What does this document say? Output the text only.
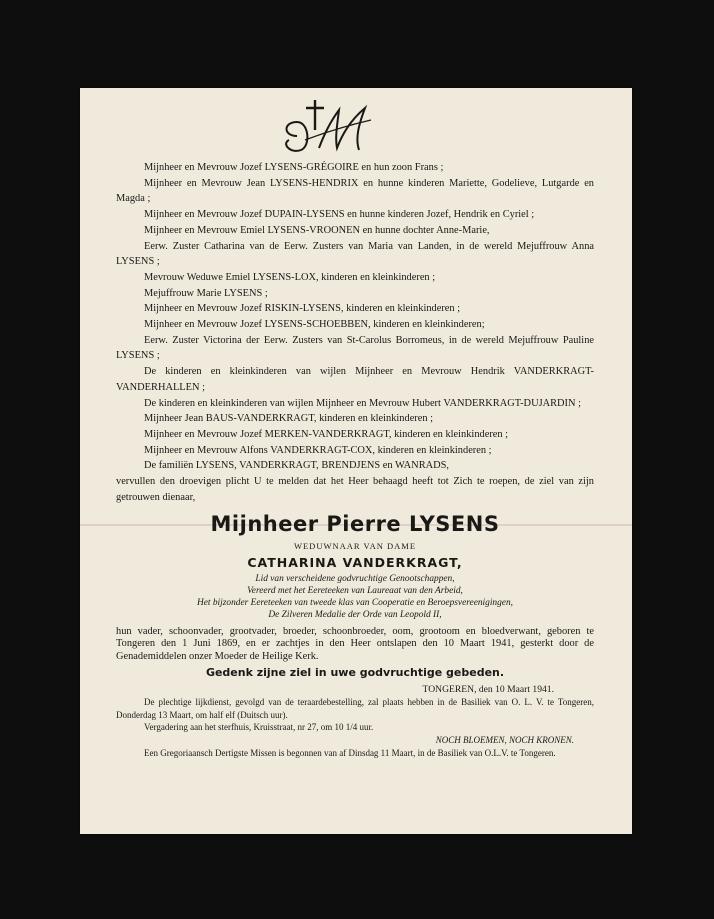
Mijnheer en Mevrouw Jozef LYSENS-GRÉGOIRE en hun zoon Frans ;

Mijnheer en Mevrouw Jean LYSENS-HENDRIX en hunne kinderen Mariette, Godelieve, Lutgarde en Magda ;

Mijnheer en Mevrouw Jozef DUPAIN-LYSENS en hunne kinderen Jozef, Hendrik en Cyriel ;

Mijnheer en Mevrouw Emiel LYSENS-VROONEN en hunne dochter Anne-Marie,

Eerw. Zuster Catharina van de Eerw. Zusters van Maria van Landen, in de wereld Mejuffrouw Anna LYSENS ;

Mevrouw Weduwe Emiel LYSENS-LOX, kinderen en kleinkinderen ;

Mejuffrouw Marie LYSENS ;

Mijnheer en Mevrouw Jozef RISKIN-LYSENS, kinderen en kleinkinderen ;

Mijnheer en Mevrouw Jozef LYSENS-SCHOEBBEN, kinderen en kleinkinderen;

Eerw. Zuster Victorina der Eerw. Zusters van St-Carolus Borromeus, in de wereld Mejuffrouw Pauline LYSENS ;

De kinderen en kleinkinderen van wijlen Mijnheer en Mevrouw Hendrik VANDERKRAGT-VANDERHALLEN ;

De kinderen en kleinkinderen van wijlen Mijnheer en Mevrouw Hubert VANDERKRAGT-DUJARDIN ;

Mijnheer Jean BAUS-VANDERKRAGT, kinderen en kleinkinderen ;

Mijnheer en Mevrouw Jozef MERKEN-VANDERKRAGT, kinderen en kleinkinderen ;

Mijnheer en Mevrouw Alfons VANDERKRAGT-COX, kinderen en kleinkinderen ;

De familiën LYSENS, VANDERKRAGT, BRENDJENS en WANRADS,

vervullen den droevigen plicht U te melden dat het Heer behaagd heeft tot Zich te roepen, de ziel van zijn getrouwen dienaar,

Mijnheer Pierre LYSENS

WEDUWNAAR VAN DAME

CATHARINA VANDERKRAGT,

Lid van verscheidene godvruchtige Genootschappen,

Vereerd met het Eereteeken van Laureaat van den Arbeid,

Het bijzonder Eereteeken van tweede klas van Cooperatie en Beroepsvereenigingen,

De Zilveren Medalie der Orde van Leopold II,

hun vader, schoonvader, grootvader, broeder, schoonbroeder, oom, grootoom en bloedverwant, geboren te Tongeren den 1 Juni 1869, en er zachtjes in den Heer ontslapen den 10 Maart 1941, gesterkt door de Genademiddelen onzer Moeder de Heilige Kerk.

Gedenk zijne ziel in uwe godvruchtige gebeden.

TONGEREN, den 10 Maart 1941.

De plechtige lijkdienst, gevolgd van de teraardebestelling, zal plaats hebben in de Basiliek van O. L. V. te Tongeren, Donderdag 13 Maart, om half elf (Duitsch uur).

Vergadering aan het sterfhuis, Kruisstraat, nr 27, om 10 1/4 uur.

NOCH BLOEMEN, NOCH KRONEN.

Een Gregoriaansch Dertigste Missen is begonnen van af Dinsdag 11 Maart, in de Basiliek van O.L.V. te Tongeren.
